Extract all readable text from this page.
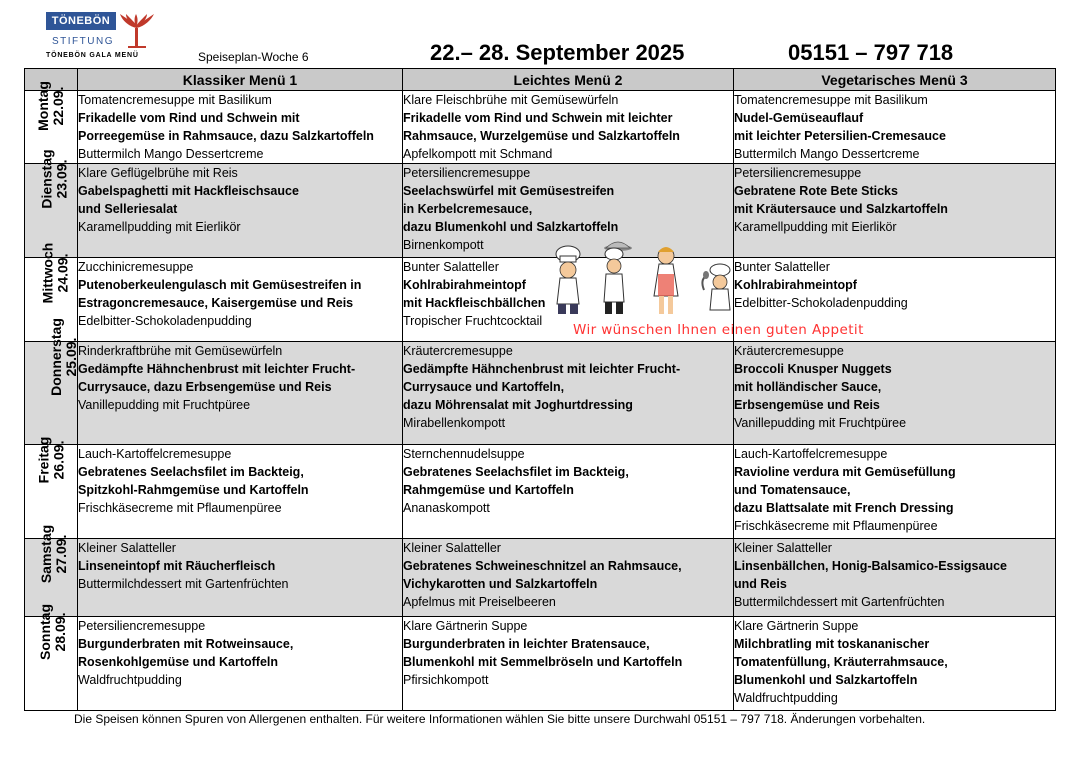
TÖNEBÖN
STIFTUNG
TÖNEBÖN GALA MENÜ	Speiseplan-Woche 6	22.– 28. September 2025	05151 – 797 718
	Klassiker Menü 1	Leichtes Menü 2	Vegetarisches Menü 3

Montag 22.09.	Tomatencremesuppe mit Basilikum
Frikadelle vom Rind und Schwein mit
Porreegemüse in Rahmsauce, dazu Salzkartoffeln
Buttermilch Mango Dessertcreme	Klare Fleischbrühe mit Gemüsewürfeln
Frikadelle vom Rind und Schwein mit leichter
Rahmsauce, Wurzelgemüse und Salzkartoffeln
Apfelkompott mit Schmand	Tomatencremesuppe mit Basilikum
Nudel-Gemüseauflauf
mit leichter Petersilien-Cremesauce
Buttermilch Mango Dessertcreme

Dienstag 23.09.	Klare Geflügelbrühe mit Reis
Gabelspaghetti mit Hackfleischsauce
und Selleriesalat
Karamellpudding mit Eierlikör	Petersiliencremesuppe
Seelachswürfel mit Gemüsestreifen
in Kerbelcremesauce,
dazu Blumenkohl und Salzkartoffeln
Birnenkompott	Petersiliencremesuppe
Gebratene Rote Bete Sticks
mit Kräutersauce und Salzkartoffeln
Karamellpudding mit Eierlikör

Mittwoch 24.09.	Zucchinicremesuppe
Putenoberkeulengulasch mit Gemüsestreifen in
Estragoncremesauce, Kaisergemüse und Reis
Edelbitter-Schokoladenpudding	Bunter Salatteller
Kohlrabirahmeintopf
mit Hackfleischbällchen
Tropischer Fruchtcocktail	Bunter Salatteller
Kohlrabirahmeintopf
Edelbitter-Schokoladenpudding

Donnerstag 25.09.	Rinderkraftbrühe mit Gemüsewürfeln
Gedämpfte Hähnchenbrust mit leichter Frucht-
Currysauce, dazu Erbsengemüse und Reis
Vanillepudding mit Fruchtpüree	Kräutercremesuppe
Gedämpfte Hähnchenbrust mit leichter Frucht-
Currysauce und Kartoffeln,
dazu Möhrensalat mit Joghurtdressing
Mirabellenkompott	Kräutercremesuppe
Broccoli Knusper Nuggets
mit holländischer Sauce,
Erbsengemüse und Reis
Vanillepudding mit Fruchtpüree

Freitag 26.09.	Lauch-Kartoffelcremesuppe
Gebratenes Seelachsfilet im Backteig,
Spitzkohl-Rahmgemüse und Kartoffeln
Frischkäsecreme mit Pflaumenpüree	Sternchennudelsuppe
Gebratenes Seelachsfilet im Backteig,
Rahmgemüse und Kartoffeln
Ananaskompott	Lauch-Kartoffelcremesuppe
Ravioline verdura mit Gemüsefüllung
und Tomatensauce,
dazu Blattsalate mit French Dressing
Frischkäsecreme mit Pflaumenpüree

Samstag 27.09.	Kleiner Salatteller
Linseneintopf mit Räucherfleisch
Buttermilchdessert mit Gartenfrüchten	Kleiner Salatteller
Gebratenes Schweineschnitzel an Rahmsauce,
Vichykarotten und Salzkartoffeln
Apfelmus mit Preiselbeeren	Kleiner Salatteller
Linsenbällchen, Honig-Balsamico-Essigsauce
und Reis
Buttermilchdessert mit Gartenfrüchten

Sonntag 28.09.	Petersiliencremesuppe
Burgunderbraten mit Rotweinsauce,
Rosenkohlgemüse und Kartoffeln
Waldfruchtpudding	Klare Gärtnerin Suppe
Burgunderbraten in leichter Bratensauce,
Blumenkohl mit Semmelbröseln und Kartoffeln
Pfirsichkompott	Klare Gärtnerin Suppe
Milchbratling mit toskananischer
Tomatenfüllung, Kräuterrahmsauce,
Blumenkohl und Salzkartoffeln
Waldfruchtpudding
Wir wünschen Ihnen einen guten Appetit
Die Speisen können Spuren von Allergenen enthalten. Für weitere Informationen wählen Sie bitte unsere Durchwahl 05151 – 797 718. Änderungen vorbehalten.
